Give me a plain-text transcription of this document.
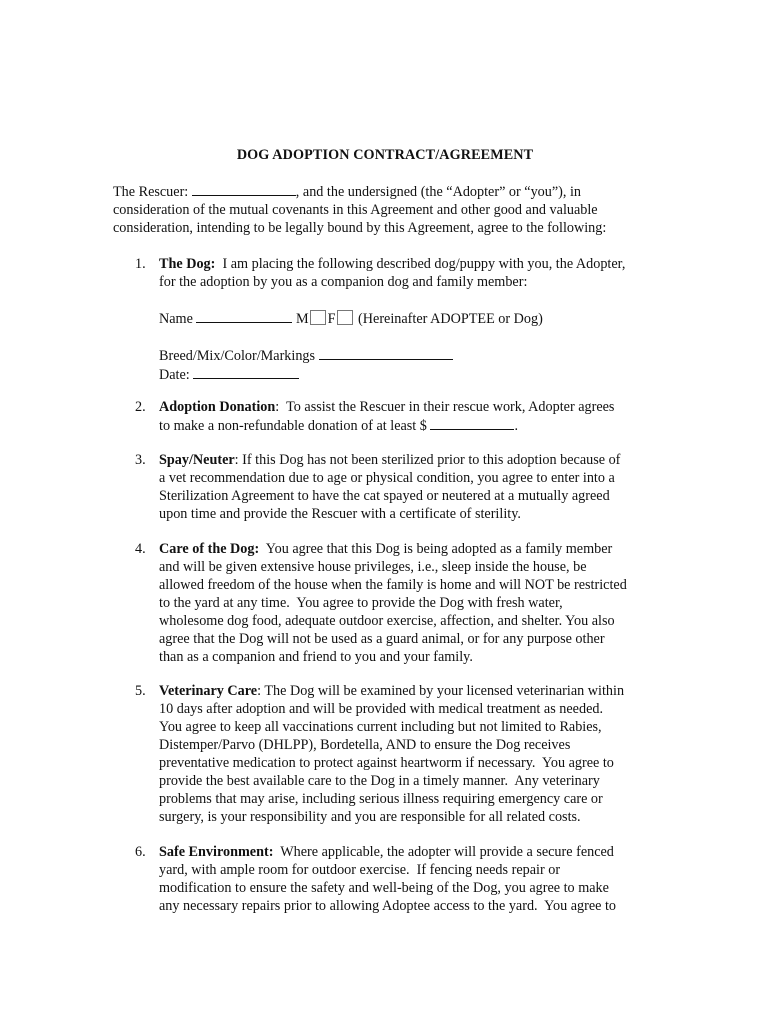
DOG ADOPTION CONTRACT/AGREEMENT
The Rescuer:	, and the undersigned (the “Adopter” or “you”), in
consideration of the mutual covenants in this Agreement and other good and valuable
consideration, intending to be legally bound by this Agreement, agree to the following:
1. The Dog:  I am placing the following described dog/puppy with you, the Adopter,
for the adoption by you as a companion dog and family member:
Name	M F (Hereinafter ADOPTEE or Dog)
Breed/Mix/Color/Markings
Date:
2. Adoption Donation:  To assist the Rescuer in their rescue work, Adopter agrees
to make a non-refundable donation of at least $	.
3. Spay/Neuter: If this Dog has not been sterilized prior to this adoption because of
a vet recommendation due to age or physical condition, you agree to enter into a
Sterilization Agreement to have the cat spayed or neutered at a mutually agreed
upon time and provide the Rescuer with a certificate of sterility.
4. Care of the Dog:  You agree that this Dog is being adopted as a family member
and will be given extensive house privileges, i.e., sleep inside the house, be
allowed freedom of the house when the family is home and will NOT be restricted
to the yard at any time.  You agree to provide the Dog with fresh water,
wholesome dog food, adequate outdoor exercise, affection, and shelter. You also
agree that the Dog will not be used as a guard animal, or for any purpose other
than as a companion and friend to you and your family.
5. Veterinary Care: The Dog will be examined by your licensed veterinarian within
10 days after adoption and will be provided with medical treatment as needed.
You agree to keep all vaccinations current including but not limited to Rabies,
Distemper/Parvo (DHLPP), Bordetella, AND to ensure the Dog receives
preventative medication to protect against heartworm if necessary.  You agree to
provide the best available care to the Dog in a timely manner.  Any veterinary
problems that may arise, including serious illness requiring emergency care or
surgery, is your responsibility and you are responsible for all related costs.
6. Safe Environment:  Where applicable, the adopter will provide a secure fenced
yard, with ample room for outdoor exercise.  If fencing needs repair or
modification to ensure the safety and well-being of the Dog, you agree to make
any necessary repairs prior to allowing Adoptee access to the yard.  You agree to
